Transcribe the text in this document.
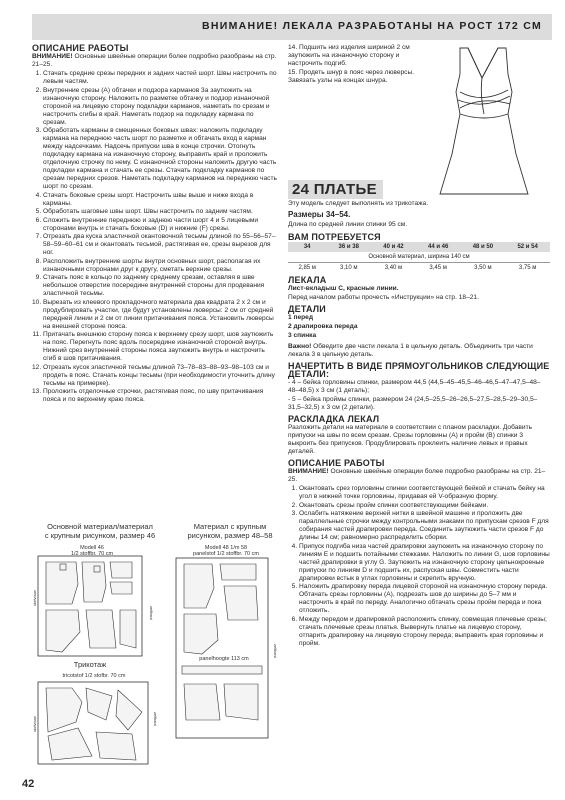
ВНИМАНИЕ! ЛЕКАЛА РАЗРАБОТАНЫ НА РОСТ 172 СМ
ОПИСАНИЕ РАБОТЫ

ВНИМАНИЕ! Основные швейные операции более подробно разобраны на стр. 21–25.

1. Стачать средние срезы передних и задних частей шорт. Швы настрочить по левым частям.
2. Внутренние срезы (А) обтачки и подзора карманов 3а заутюжить на изнаночную сторону. Наложить по разметке обтачку и подзор изнаночной стороной на лицевую сторону подкладки карманов, наметать по срезам и настрочить сгибы в край. Наметать подзор на подкладку кармана по срезам.
3. Обработать карманы в смещенных боковых швах: наложить подкладку кармана на переднюю часть шорт по разметке и обтачать вход в карман между надсечками. Надсечь припуски шва в конце строчки. Отогнуть подкладку кармана на изнаночную сторону, выправить край и проложить отделочную строчку по нему. С изнаночной стороны наложить другую часть подкладки кармана и стачать ее срезы. Стачать подкладку карманов по срезам передних срезов. Наметать подкладку карманов на переднюю часть шорт по срезам.
4. Стачать боковые срезы шорт. Настрочить швы выше и ниже входа в карманы.
5. Обработать шаговые швы шорт. Швы настрочить по задним частям.
6. Сложить внутренние переднюю и заднюю части шорт 4 и 5 лицевыми сторонами внутрь и стачать боковые (D) и нижние (F) срезы.
7. Отрезать два куска эластичной окантовочной тесьмы длиной по 55–56–57–58–59–60–61 см и окантовать тесьмой, растягивая ее, срезы вырезов для ног.
8. Расположить внутренние шорты внутри основных шорт, располагая их изнаночными сторонами друг к другу, сметать верхние срезы.
9. Стачать пояс в кольцо по заднему среднему срезам, оставляя в шве небольшое отверстие посередине внутренней стороны для продевания эластичной тесьмы.
10. Вырезать из клеевого прокладочного материала два квадрата 2 х 2 см и продублировать участки, где будут установлены люверсы: 2 см от средней передней линии и 2 см от линии притачивания пояса. Установить люверсы на внешней стороне пояса.
11. Притачать внешнюю сторону пояса к верхнему срезу шорт, шов заутюжить на пояс. Перегнуть пояс вдоль посередине изнаночной стороной внутрь. Нижний срез внутренней стороны пояса заутюжить внутрь и настрочить сгиб в шов притачивания.
12. Отрезать кусок эластичной тесьмы длиной 73–78–83–88–93–98–103 см и продеть в пояс. Стачать концы тесьмы (при необходимости уточнить длину тесьмы на примерке).
13. Проложить отделочные строчки, растягивая пояс, по шву притачивания пояса и по верхнему краю пояса.

14. Подшить низ изделия шириной 2 см заутюжить на изнаночную сторону и настрочить подгиб.

15. Продеть шнур в пояс через люверсы. Завязать узлы на концах шнура.

24 ПЛАТЬЕ

Эту модель следует выполнять из трикотажа.

Размеры 34–54.

Длина по средней линии спинки 95 см.

ВАМ ПОТРЕБУЕТСЯ
34	36 и 38	40 и 42	44 и 46	48 и 50	52 и 54
Основной материал, ширина 140 см					
2,85 м	3,10 м	3,40 м	3,45 м	3,50 м	3,75 м
ЛЕКАЛА

Лист-вкладыш С, красные линии.

Перед началом работы прочесть «Инструкции» на стр. 18–21.

ДЕТАЛИ

1 перед

2 драпировка переда

3 спинка

Важно! Обведите две части лекала 1 в цельную деталь. Объединить три части лекала 3 в цельную деталь.

НАЧЕРТИТЬ В ВИДЕ ПРЯМОУГОЛЬНИКОВ СЛЕДУЮЩИЕ ДЕТАЛИ:

- 4 – бейка горловины спинки, размером 44,5 (44,5–45–45,5–46–46,5–47–47,5–48–48–48,5) х 3 см (1 деталь);

- 5 – бейка проймы спинки, размером 24 (24,5–25,5–26–26,5–27,5–28,5–29–30,5–31,5–32,5) х 3 см (2 детали).

РАСКЛАДКА ЛЕКАЛ

Разложить детали на материале в соответствии с планом раскладки. Добавить припуски на швы по всем срезам. Срезы горловины (A) и пройм (B) спинки 3 выкроить без припусков. Продублировать проклеить наличие левых и правых деталей.

ОПИСАНИЕ РАБОТЫ

ВНИМАНИЕ! Основные швейные операции более подробно разобраны на стр. 21–25.

1. Окантовать срез горловины спинки соответствующей бейкой и стачать бейку на угол в нижней точке горловины, придавая ей V-образную форму.
2. Окантовать срезы пройм спинки соответствующими бейками.
3. Ослабить натяжение верхней нитки в швейной машине и проложить две параллельные строчки между контрольными знаками по припускам срезов F для собирания частей драпировки переда. Соединить заутюжить части срезов F до длины 14 см; равномерно распределить сборки.
4. Припуск подгиба низа частей драпировки заутюжить на изнаночную сторону по линиям E и подшить потайными стежками. Наложить по линии G, шов горловины частей драпировки в углу G. Заутюжить на изнаночную сторону цельнокроеные припуски по линиям D и подшить их, распуская швы. Совместить части драпировки встык в углах горловины и скрепить вручную.
5. Наложить драпировку переда лицевой стороной на изнаночную сторону переда. Обтачать срезы горловины (A), подрезать шов до ширины до 5–7 мм и настрочить в край по переду. Аналогично обтачать срезы пройм переда и пока отложить.
6. Между передом и драпировкой расположить спинку, совмещая плечевые срезы; стачать плечевые срезы платья. Вывернуть платье на лицевую сторону, отпарить драпировку на лицевую сторону переда; выправить края горловины и пройм.
Основной материал/материал
с крупным рисунком, размер 46
Материал с крупным
рисунком, размер 48–58
Modell 46
1/2 stoffbr. 70 cm
stofvouw
zelfkant
Modell 48 1/m 58
panelstof 1/2 stoffbr. 70 cm
panelhoogte 113 cm
zelfkant
Трикотаж
tricotstof 1/2 stofbr. 70 cm
stofvouw	zelfkant
42
